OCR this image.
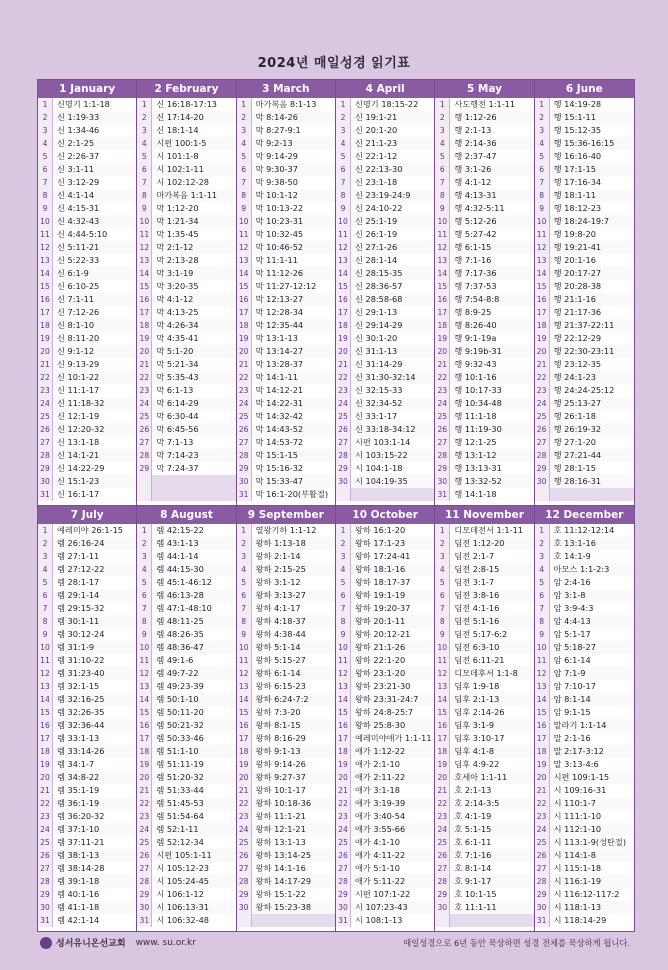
2024년 매일성경 읽기표
1 January
1	신명기 1:1-18
2	신 1:19-33
3	신 1:34-46
4	신 2:1-25
5	신 2:26-37
6	신 3:1-11
7	신 3:12-29
8	신 4:1-14
9	신 4:15-31
10 신 4:32-43
11 신 4:44-5:10
12 신 5:11-21
13 신 5:22-33
14 신 6:1-9
15 신 6:10-25
16 신 7:1-11
17 신 7:12-26
18 신 8:1-10
19 신 8:11-20
20 신 9:1-12
21 신 9:13-29
22 신 10:1-22
23 신 11:1-17
24 신 11:18-32
25 신 12:1-19
26 신 12:20-32
27 신 13:1-18
28 신 14:1-21
29 신 14:22-29
30 신 15:1-23
31 신 16:1-17
2 February
1	신 16:18-17:13
2	신 17:14-20
3	신 18:1-14
4	시편 100:1-5
5	시 101:1-8
6	시 102:1-11
7	시 102:12-28
8	마가복음 1:1-11
9	막 1:12-20
10 막 1:21-34
11 막 1:35-45
12 막 2:1-12
13 막 2:13-28
14 막 3:1-19
15 막 3:20-35
16 막 4:1-12
17 막 4:13-25
18 막 4:26-34
19 막 4:35-41
20 막 5:1-20
21 막 5:21-34
22 막 5:35-43
23 막 6:1-13
24 막 6:14-29
25 막 6:30-44
26 막 6:45-56
27 막 7:1-13
28 막 7:14-23
29 막 7:24-37
3 March
1	마가복음 8:1-13
2	막 8:14-26
3	막 8:27-9:1
4	막 9:2-13
5	막 9:14-29
6	막 9:30-37
7	막 9:38-50
8	막 10:1-12
9	막 10:13-22
10 막 10:23-31
11 막 10:32-45
12 막 10:46-52
13 막 11:1-11
14 막 11:12-26
15 막 11:27-12:12
16 막 12:13-27
17 막 12:28-34
18 막 12:35-44
19 막 13:1-13
20 막 13:14-27
21 막 13:28-37
22 막 14:1-11
23 막 14:12-21
24 막 14:22-31
25 막 14:32-42
26 막 14:43-52
27 막 14:53-72
28 막 15:1-15
29 막 15:16-32
30 막 15:33-47
31 막 16:1-20(부활절)
4 April
1	신명기 18:15-22
2	신 19:1-21
3	신 20:1-20
4	신 21:1-23
5	신 22:1-12
6	신 22:13-30
7	신 23:1-18
8	신 23:19-24:9
9	신 24:10-22
10 신 25:1-19
11 신 26:1-19
12 신 27:1-26
13 신 28:1-14
14 신 28:15-35
15 신 28:36-57
16 신 28:58-68
17 신 29:1-13
18 신 29:14-29
19 신 30:1-20
20 신 31:1-13
21 신 31:14-29
22 신 31:30-32:14
23 신 32:15-33
24 신 32:34-52
25 신 33:1-17
26 신 33:18-34:12
27 시편 103:1-14
28 시 103:15-22
29 시 104:1-18
30 시 104:19-35
5 May
1	사도행전 1:1-11
2	행 1:12-26
3	행 2:1-13
4	행 2:14-36
5	행 2:37-47
6	행 3:1-26
7	행 4:1-12
8	행 4:13-31
9	행 4:32-5:11
10 행 5:12-26
11 행 5:27-42
12 행 6:1-15
13 행 7:1-16
14 행 7:17-36
15 행 7:37-53
16 행 7:54-8:8
17 행 8:9-25
18 행 8:26-40
19 행 9:1-19a
20 행 9:19b-31
21 행 9:32-43
22 행 10:1-16
23 행 10:17-33
24 행 10:34-48
25 행 11:1-18
26 행 11:19-30
27 행 12:1-25
28 행 13:1-12
29 행 13:13-31
30 행 13:32-52
31 행 14:1-18
6 June
1	행 14:19-28
2	행 15:1-11
3	행 15:12-35
4	행 15:36-16:15
5	행 16:16-40
6	행 17:1-15
7	행 17:16-34
8	행 18:1-11
9	행 18:12-23
10 행 18:24-19:7
11 행 19:8-20
12 행 19:21-41
13 행 20:1-16
14 행 20:17-27
15 행 20:28-38
16 행 21:1-16
17 행 21:17-36
18 행 21:37-22:11
19 행 22:12-29
20 행 22:30-23:11
21 행 23:12-35
22 행 24:1-23
23 행 24:24-25:12
24 행 25:13-27
25 행 26:1-18
26 행 26:19-32
27 행 27:1-20
28 행 27:21-44
29 행 28:1-15
30 행 28:16-31
7 July
1	예레미야 26:1-15
2	렘 26:16-24
3	렘 27:1-11
4	렘 27:12-22
5	렘 28:1-17
6	렘 29:1-14
7	렘 29:15-32
8	렘 30:1-11
9	렘 30:12-24
10 렘 31:1-9
11 렘 31:10-22
12 렘 31:23-40
13 렘 32:1-15
14 렘 32:16-25
15 렘 32:26-35
16 렘 32:36-44
17 렘 33:1-13
18 렘 33:14-26
19 렘 34:1-7
20 렘 34:8-22
21 렘 35:1-19
22 렘 36:1-19
23 렘 36:20-32
24 렘 37:1-10
25 렘 37:11-21
26 렘 38:1-13
27 렘 38:14-28
28 렘 39:1-18
29 렘 40:1-16
30 렘 41:1-18
31 렘 42:1-14
8 August
1	렘 42:15-22
2	렘 43:1-13
3	렘 44:1-14
4	렘 44:15-30
5	렘 45:1-46:12
6	렘 46:13-28
7	렘 47:1-48:10
8	렘 48:11-25
9	렘 48:26-35
10 렘 48:36-47
11 렘 49:1-6
12 렘 49:7-22
13 렘 49:23-39
14 렘 50:1-10
15 렘 50:11-20
16 렘 50:21-32
17 렘 50:33-46
18 렘 51:1-10
19 렘 51:11-19
20 렘 51:20-32
21 렘 51:33-44
22 렘 51:45-53
23 렘 51:54-64
24 렘 52:1-11
25 렘 52:12-34
26 시편 105:1-11
27 시 105:12-23
28 시 105:24-45
29 시 106:1-12
30 시 106:13-31
31 시 106:32-48
9 September
1	열왕기하 1:1-12
2	왕하 1:13-18
3	왕하 2:1-14
4	왕하 2:15-25
5	왕하 3:1-12
6	왕하 3:13-27
7	왕하 4:1-17
8	왕하 4:18-37
9	왕하 4:38-44
10 왕하 5:1-14
11 왕하 5:15-27
12 왕하 6:1-14
13 왕하 6:15-23
14 왕하 6:24-7:2
15 왕하 7:3-20
16 왕하 8:1-15
17 왕하 8:16-29
18 왕하 9:1-13
19 왕하 9:14-26
20 왕하 9:27-37
21 왕하 10:1-17
22 왕하 10:18-36
23 왕하 11:1-21
24 왕하 12:1-21
25 왕하 13:1-13
26 왕하 13:14-25
27 왕하 14:1-16
28 왕하 14:17-29
29 왕하 15:1-22
30 왕하 15:23-38
10 October
1	왕하 16:1-20
2	왕하 17:1-23
3	왕하 17:24-41
4	왕하 18:1-16
5	왕하 18:17-37
6	왕하 19:1-19
7	왕하 19:20-37
8	왕하 20:1-11
9	왕하 20:12-21
10 왕하 21:1-26
11 왕하 22:1-20
12 왕하 23:1-20
13 왕하 23:21-30
14 왕하 23:31-24:7
15 왕하 24:8-25:7
16 왕하 25:8-30
17 예레미야애가 1:1-11
18 애가 1:12-22
19 애가 2:1-10
20 애가 2:11-22
21 애가 3:1-18
22 애가 3:19-39
23 애가 3:40-54
24 애가 3:55-66
25 애가 4:1-10
26 애가 4:11-22
27 애가 5:1-10
28 애가 5:11-22
29 시편 107:1-22
30 시 107:23-43
31 시 108:1-13
11 November
1	디모데전서 1:1-11
2	딤전 1:12-20
3	딤전 2:1-7
4	딤전 2:8-15
5	딤전 3:1-7
6	딤전 3:8-16
7	딤전 4:1-16
8	딤전 5:1-16
9	딤전 5:17-6:2
10 딤전 6:3-10
11 딤전 6:11-21
12 디모데후서 1:1-8
13 딤후 1:9-18
14 딤후 2:1-13
15 딤후 2:14-26
16 딤후 3:1-9
17 딤후 3:10-17
18 딤후 4:1-8
19 딤후 4:9-22
20 호세아 1:1-11
21 호 2:1-13
22 호 2:14-3:5
23 호 4:1-19
24 호 5:1-15
25 호 6:1-11
26 호 7:1-16
27 호 8:1-14
28 호 9:1-17
29 호 10:1-15
30 호 11:1-11
12 December
1	호 11:12-12:14
2	호 13:1-16
3	호 14:1-9
4	아모스 1:1-2:3
5	암 2:4-16
6	암 3:1-8
7	암 3:9-4:3
8	암 4:4-13
9	암 5:1-17
10 암 5:18-27
11 암 6:1-14
12 암 7:1-9
13 암 7:10-17
14 암 8:1-14
15 암 9:1-15
16 말라기 1:1-14
17 말 2:1-16
18 말 2:17-3:12
19 말 3:13-4:6
20 시편 109:1-15
21 시 109:16-31
22 시 110:1-7
23 시 111:1-10
24 시 112:1-10
25 시 113:1-9(성탄절)
26 시 114:1-8
27 시 115:1-18
28 시 116:1-19
29 시 116:12-117:2
30 시 118:1-13
31 시 118:14-29
성서유니온선교회 www. su.or.kr	매일성경으로 6년 동안 묵상하면 성경 전체를 묵상하게 됩니다.
